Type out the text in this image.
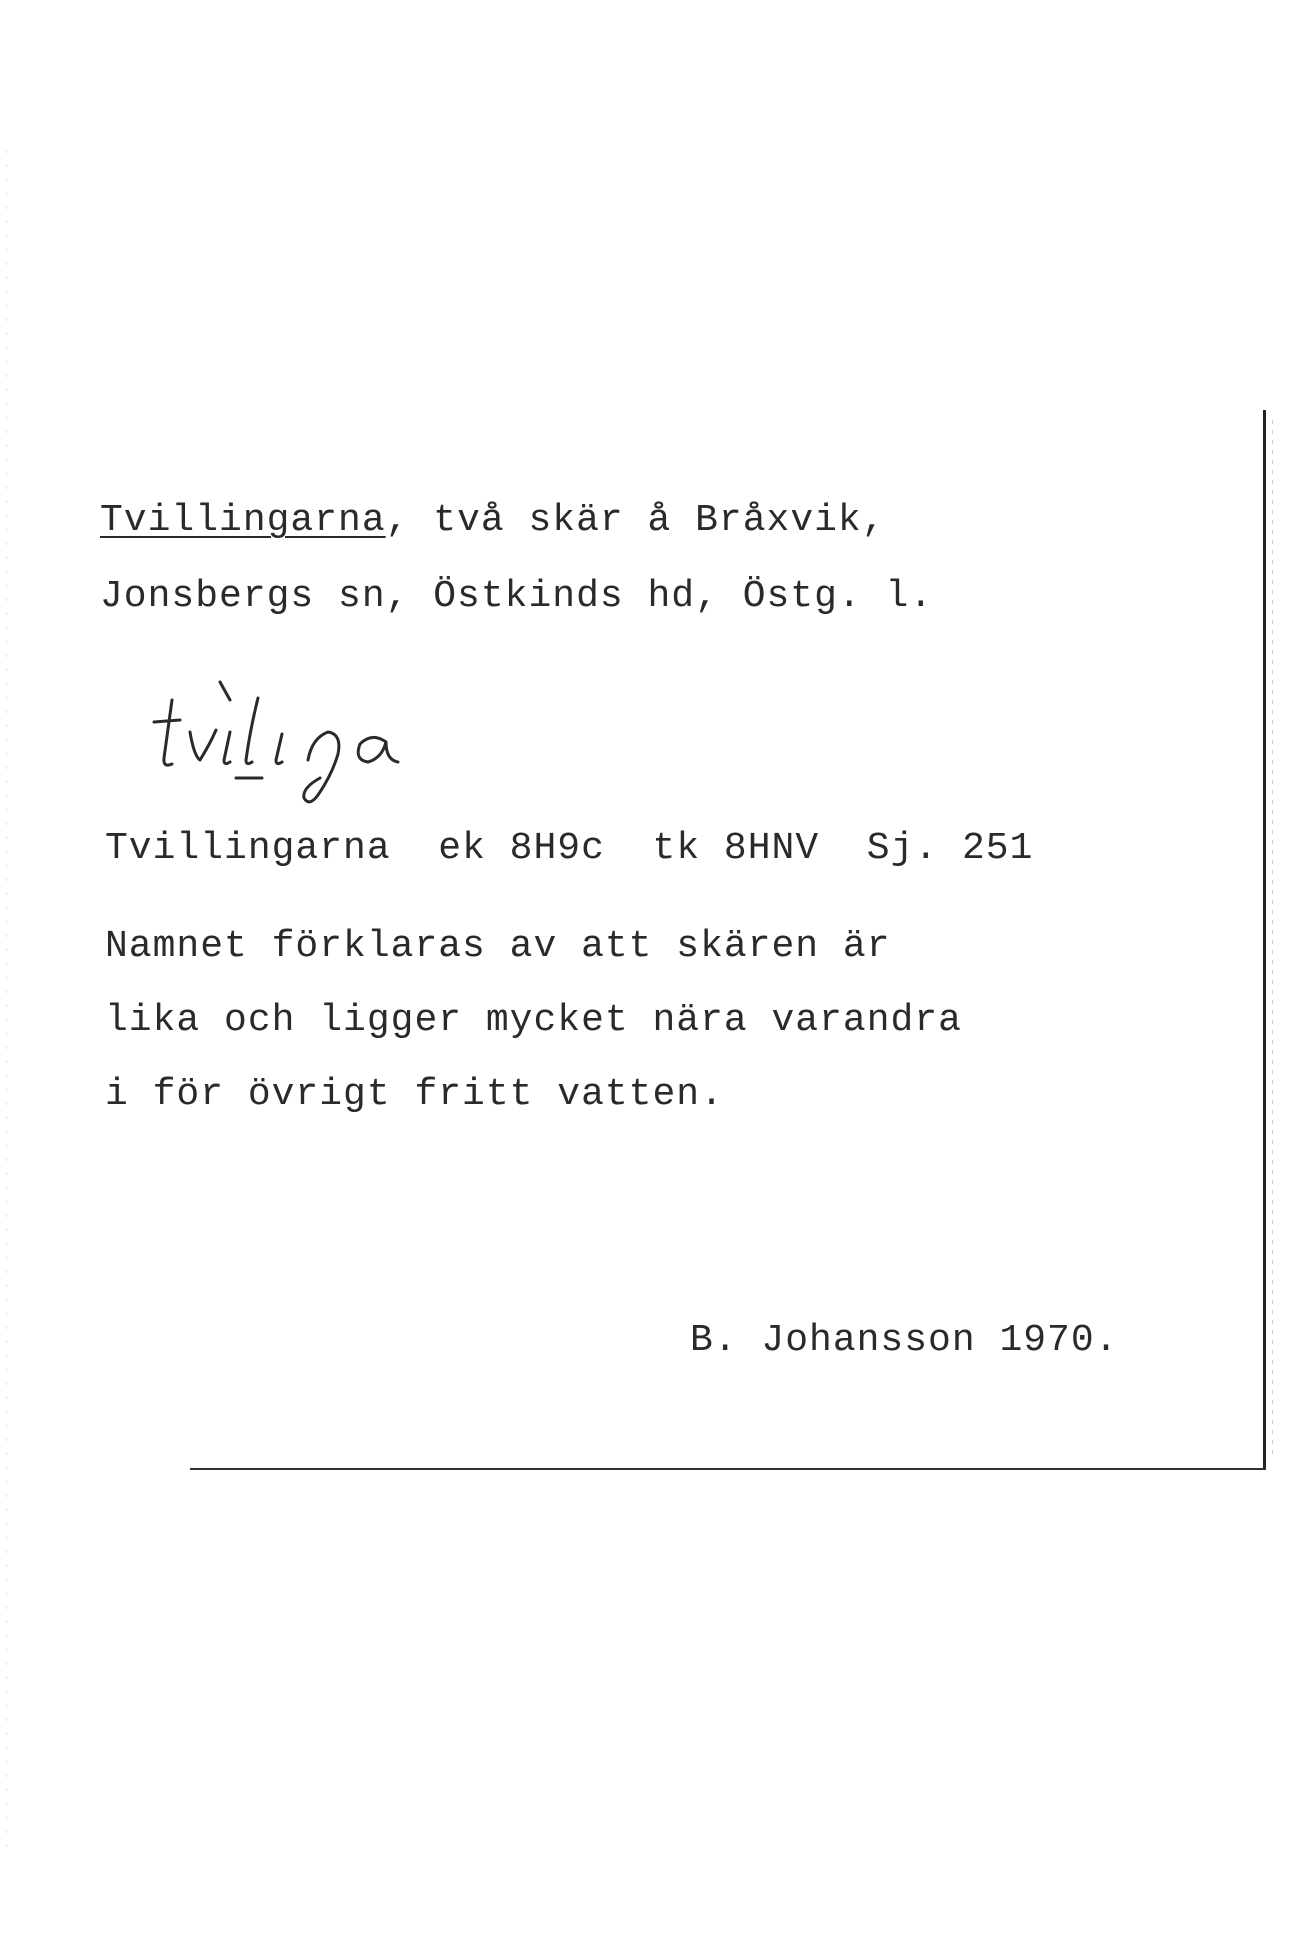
Tvillingarna, två skär å Bråxvik,
Jonsbergs sn, Östkinds hd, Östg. l.
Tvillingarna ek 8H9c tk 8HNV Sj. 251
Namnet förklaras av att skären är
lika och ligger mycket nära varandra
i för övrigt fritt vatten.
B. Johansson 1970.
